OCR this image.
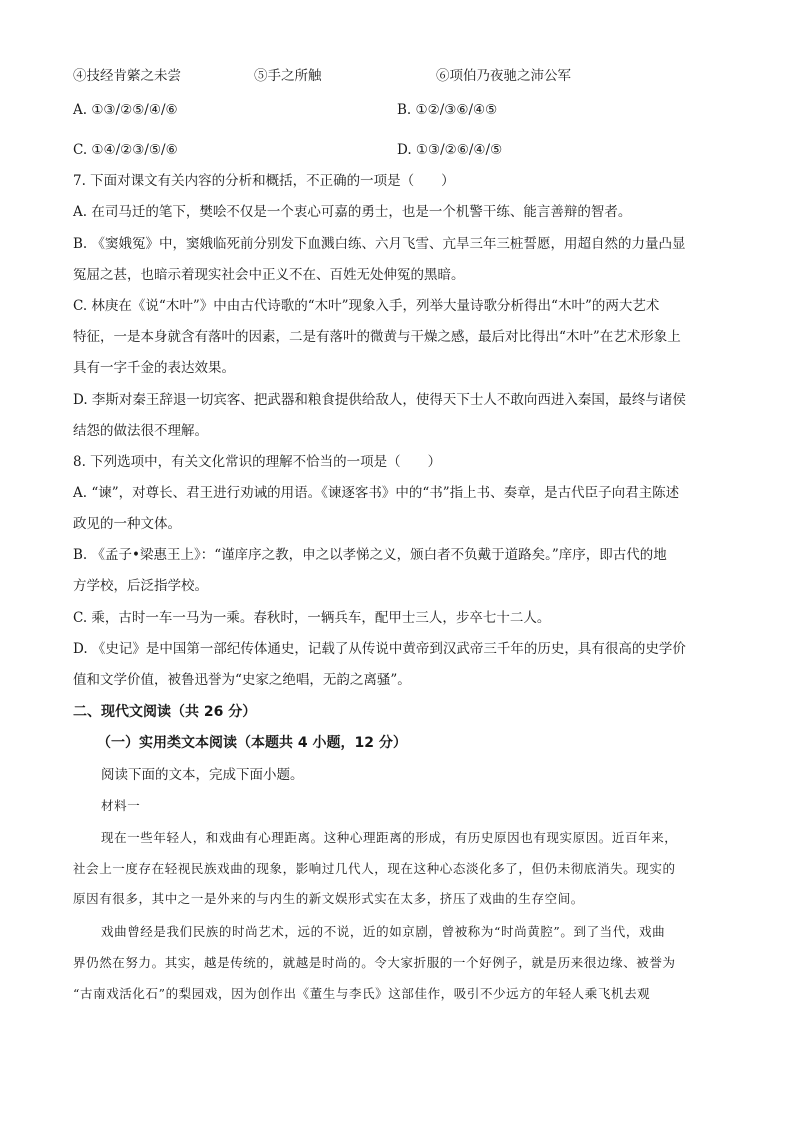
④技经肯綮之未尝	⑤手之所触	⑥项伯乃夜驰之沛公军
A. ①③/②⑤/④/⑥	B. ①②/③⑥/④⑤
C. ①④/②③/⑤/⑥	D. ①③/②⑥/④/⑤
7. 下面对课文有关内容的分析和概括，不正确的一项是（　　）
A. 在司马迁的笔下，樊哙不仅是一个衷心可嘉的勇士，也是一个机警干练、能言善辩的智者。
B. 《窦娥冤》中，窦娥临死前分别发下血溅白练、六月飞雪、亢旱三年三桩誓愿，用超自然的力量凸显
冤屈之甚，也暗示着现实社会中正义不在、百姓无处伸冤的黑暗。
C. 林庚在《说“木叶”》中由古代诗歌的“木叶”现象入手，列举大量诗歌分析得出“木叶”的两大艺术
特征，一是本身就含有落叶的因素，二是有落叶的微黄与干燥之感，最后对比得出“木叶”在艺术形象上
具有一字千金的表达效果。
D. 李斯对秦王辞退一切宾客、把武器和粮食提供给敌人，使得天下士人不敢向西进入秦国，最终与诸侯
结怨的做法很不理解。
8. 下列选项中，有关文化常识的理解不恰当的一项是（　　）
A. “谏”，对尊长、君王进行劝诫的用语。《谏逐客书》中的“书”指上书、奏章，是古代臣子向君主陈述
政见的一种文体。
B. 《孟子•梁惠王上》：“谨庠序之教，申之以孝悌之义，颁白者不负戴于道路矣。”庠序，即古代的地
方学校，后泛指学校。
C. 乘，古时一车一马为一乘。春秋时，一辆兵车，配甲士三人，步卒七十二人。
D. 《史记》是中国第一部纪传体通史，记载了从传说中黄帝到汉武帝三千年的历史，具有很高的史学价
值和文学价值，被鲁迅誉为“史家之绝唱，无韵之离骚”。
二、现代文阅读（共 26 分）
（一）实用类文本阅读（本题共 4 小题，12 分）
阅读下面的文本，完成下面小题。
材料一
现在一些年轻人，和戏曲有心理距离。这种心理距离的形成，有历史原因也有现实原因。近百年来，
社会上一度存在轻视民族戏曲的现象，影响过几代人，现在这种心态淡化多了，但仍未彻底消失。现实的
原因有很多，其中之一是外来的与内生的新文娱形式实在太多，挤压了戏曲的生存空间。
戏曲曾经是我们民族的时尚艺术，远的不说，近的如京剧，曾被称为“时尚黄腔”。到了当代，戏曲
界仍然在努力。其实，越是传统的，就越是时尚的。令大家折服的一个好例子，就是历来很边缘、被誉为
“古南戏活化石”的梨园戏，因为创作出《董生与李氏》这部佳作，吸引不少远方的年轻人乘飞机去观
